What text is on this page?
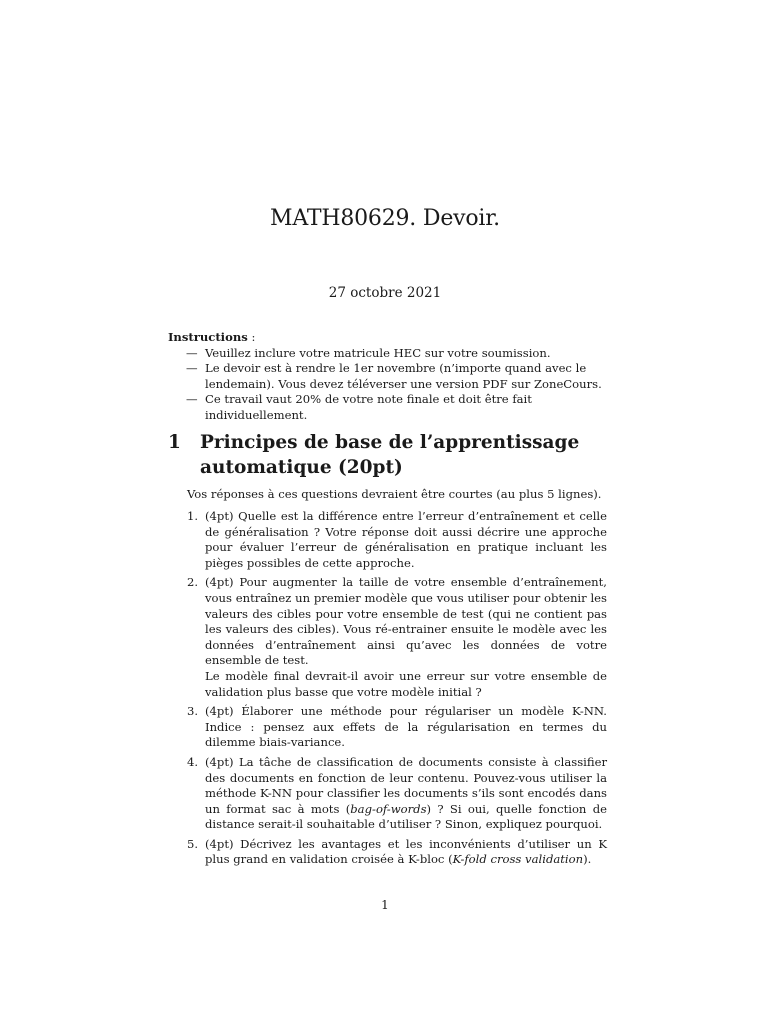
MATH80629. Devoir.
27 octobre 2021
Instructions :
— Veuillez inclure votre matricule HEC sur votre soumission.
— Le devoir est à rendre le 1er novembre (n’importe quand avec le lendemain). Vous devez téléverser une version PDF sur ZoneCours.
— Ce travail vaut 20% de votre note finale et doit être fait individuellement.
1	Principes de base de l’apprentissage automatique (20pt)
Vos réponses à ces questions devraient être courtes (au plus 5 lignes).
1. (4pt) Quelle est la différence entre l’erreur d’entraînement et celle de généralisation ? Votre réponse doit aussi décrire une approche pour évaluer l’erreur de généralisation en pratique incluant les pièges possibles de cette approche.
2. (4pt) Pour augmenter la taille de votre ensemble d’entraînement, vous entraînez un premier modèle que vous utiliser pour obtenir les valeurs des cibles pour votre ensemble de test (qui ne contient pas les valeurs des cibles). Vous ré-entrainer ensuite le modèle avec les données d’entraînement ainsi qu’avec les données de votre ensemble de test.
Le modèle final devrait-il avoir une erreur sur votre ensemble de validation plus basse que votre modèle initial ?
3. (4pt) Élaborer une méthode pour régulariser un modèle K-NN. Indice : pensez aux effets de la régularisation en termes du dilemme biais-variance.
4. (4pt) La tâche de classification de documents consiste à classifier des documents en fonction de leur contenu. Pouvez-vous utiliser la méthode K-NN pour classifier les documents s’ils sont encodés dans un format sac à mots (bag-of-words) ? Si oui, quelle fonction de distance serait-il souhaitable d’utiliser ? Sinon, expliquez pourquoi.
5. (4pt) Décrivez les avantages et les inconvénients d’utiliser un K plus grand en validation croisée à K-bloc (K-fold cross validation).
1
